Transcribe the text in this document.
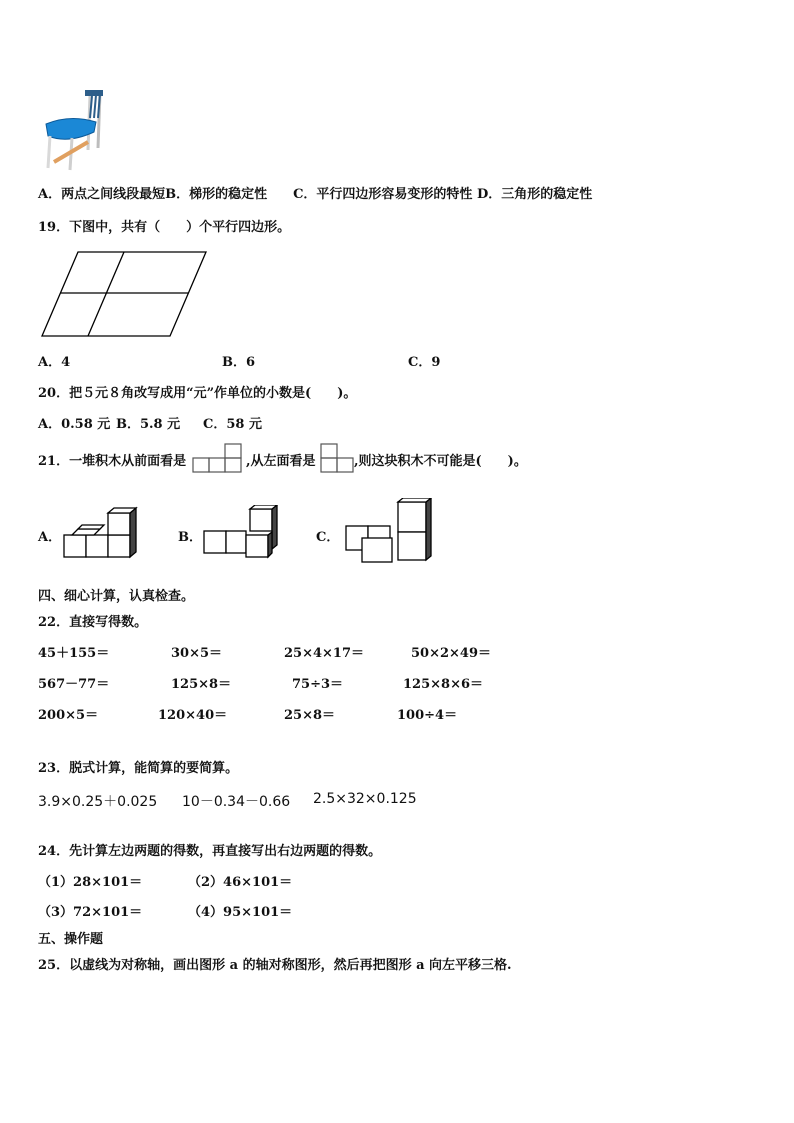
A．两点之间线段最短B．梯形的稳定性　　C．平行四边形容易变形的特性 D．三角形的稳定性
19．下图中，共有（　　）个平行四边形。
A．4	B．6	C．9
20．把５元８角改写成用“元”作单位的小数是(　　)。
A．0.58 元 B．5.8 元 C．58 元
21．一堆积木从前面看是	,从左面看是	,则这块积木不可能是(　　)。
A．	B．	C．
四、细心计算，认真检查。
22．直接写得数。
45＋155＝	30×5＝	25×4×17＝	50×2×49＝
567－77＝	125×8＝	75÷3＝	125×8×6＝
200×5＝	120×40＝	25×8＝	100÷4＝
23．脱式计算，能简算的要简算。
3.9×0.25＋0.025 10－0.34－0.66 2.5×32×0.125
24．先计算左边两题的得数，再直接写出右边两题的得数。
（1）28×101＝	（2）46×101＝
（3）72×101＝	（4）95×101＝
五、操作题
25．以虚线为对称轴，画出图形 a 的轴对称图形，然后再把图形 a 向左平移三格.
